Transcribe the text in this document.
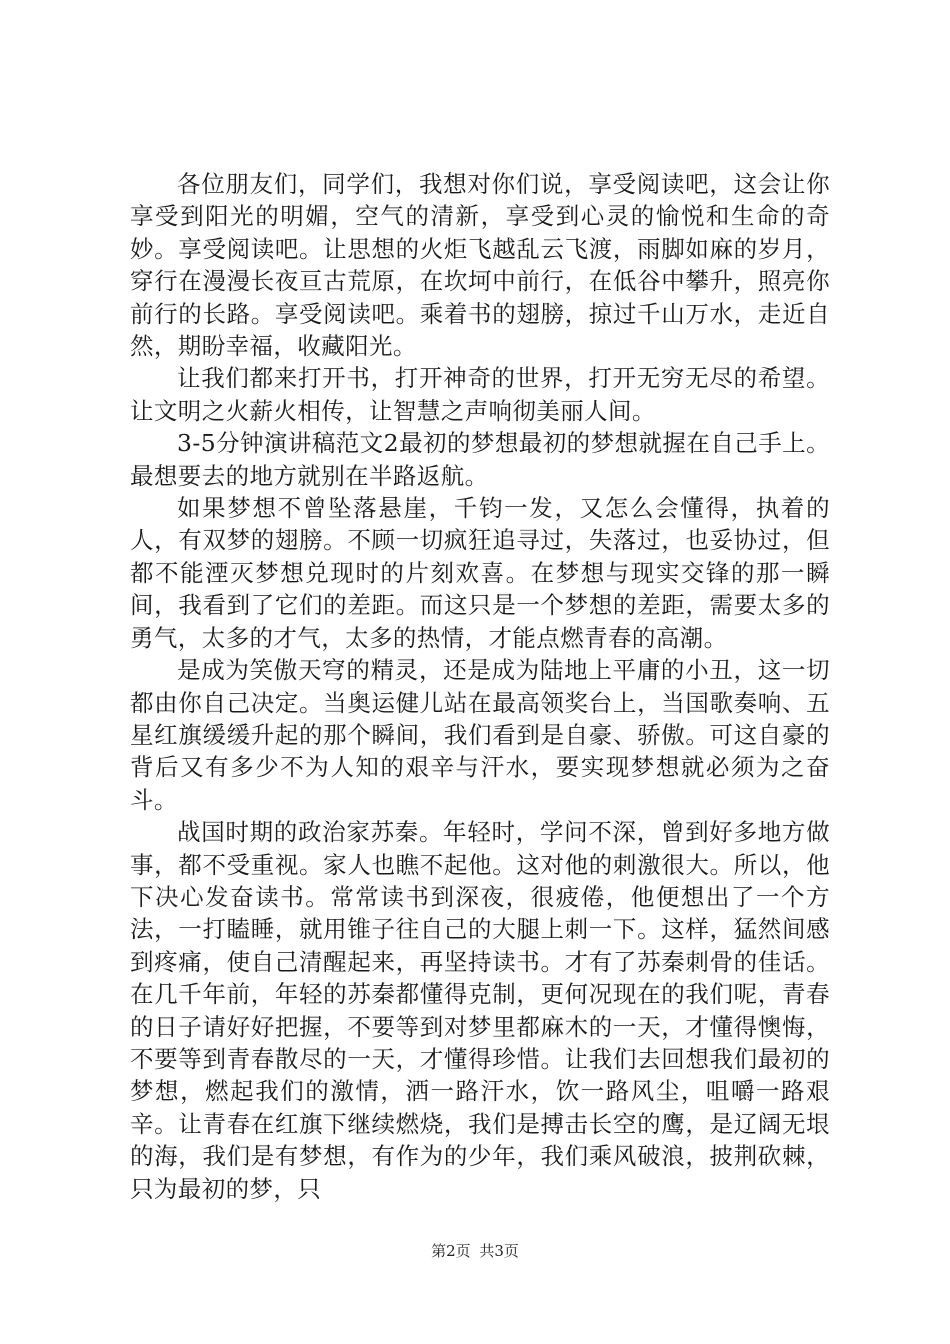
各位朋友们，同学们，我想对你们说，享受阅读吧，这会让你享受到阳光的明媚，空气的清新，享受到心灵的愉悦和生命的奇妙。享受阅读吧。让思想的火炬飞越乱云飞渡，雨脚如麻的岁月，穿行在漫漫长夜亘古荒原，在坎坷中前行，在低谷中攀升，照亮你前行的长路。享受阅读吧。乘着书的翅膀，掠过千山万水，走近自然，期盼幸福，收藏阳光。

让我们都来打开书，打开神奇的世界，打开无穷无尽的希望。让文明之火薪火相传，让智慧之声响彻美丽人间。

3-5分钟演讲稿范文2最初的梦想最初的梦想就握在自己手上。最想要去的地方就别在半路返航。

如果梦想不曾坠落悬崖，千钧一发，又怎么会懂得，执着的人，有双梦的翅膀。不顾一切疯狂追寻过，失落过，也妥协过，但都不能湮灭梦想兑现时的片刻欢喜。在梦想与现实交锋的那一瞬间，我看到了它们的差距。而这只是一个梦想的差距，需要太多的勇气，太多的才气，太多的热情，才能点燃青春的高潮。

是成为笑傲天穹的精灵，还是成为陆地上平庸的小丑，这一切都由你自己决定。当奥运健儿站在最高领奖台上，当国歌奏响、五星红旗缓缓升起的那个瞬间，我们看到是自豪、骄傲。可这自豪的背后又有多少不为人知的艰辛与汗水，要实现梦想就必须为之奋斗。

战国时期的政治家苏秦。年轻时，学问不深，曾到好多地方做事，都不受重视。家人也瞧不起他。这对他的刺激很大。所以，他下决心发奋读书。常常读书到深夜，很疲倦，他便想出了一个方法，一打瞌睡，就用锥子往自己的大腿上刺一下。这样，猛然间感到疼痛，使自己清醒起来，再坚持读书。才有了苏秦刺骨的佳话。在几千年前，年轻的苏秦都懂得克制，更何况现在的我们呢，青春的日子请好好把握，不要等到对梦里都麻木的一天，才懂得懊悔，不要等到青春散尽的一天，才懂得珍惜。让我们去回想我们最初的梦想，燃起我们的激情，洒一路汗水，饮一路风尘，咀嚼一路艰辛。让青春在红旗下继续燃烧，我们是搏击长空的鹰，是辽阔无垠的海，我们是有梦想，有作为的少年，我们乘风破浪，披荆砍棘，只为最初的梦，只

第2页 共3页
